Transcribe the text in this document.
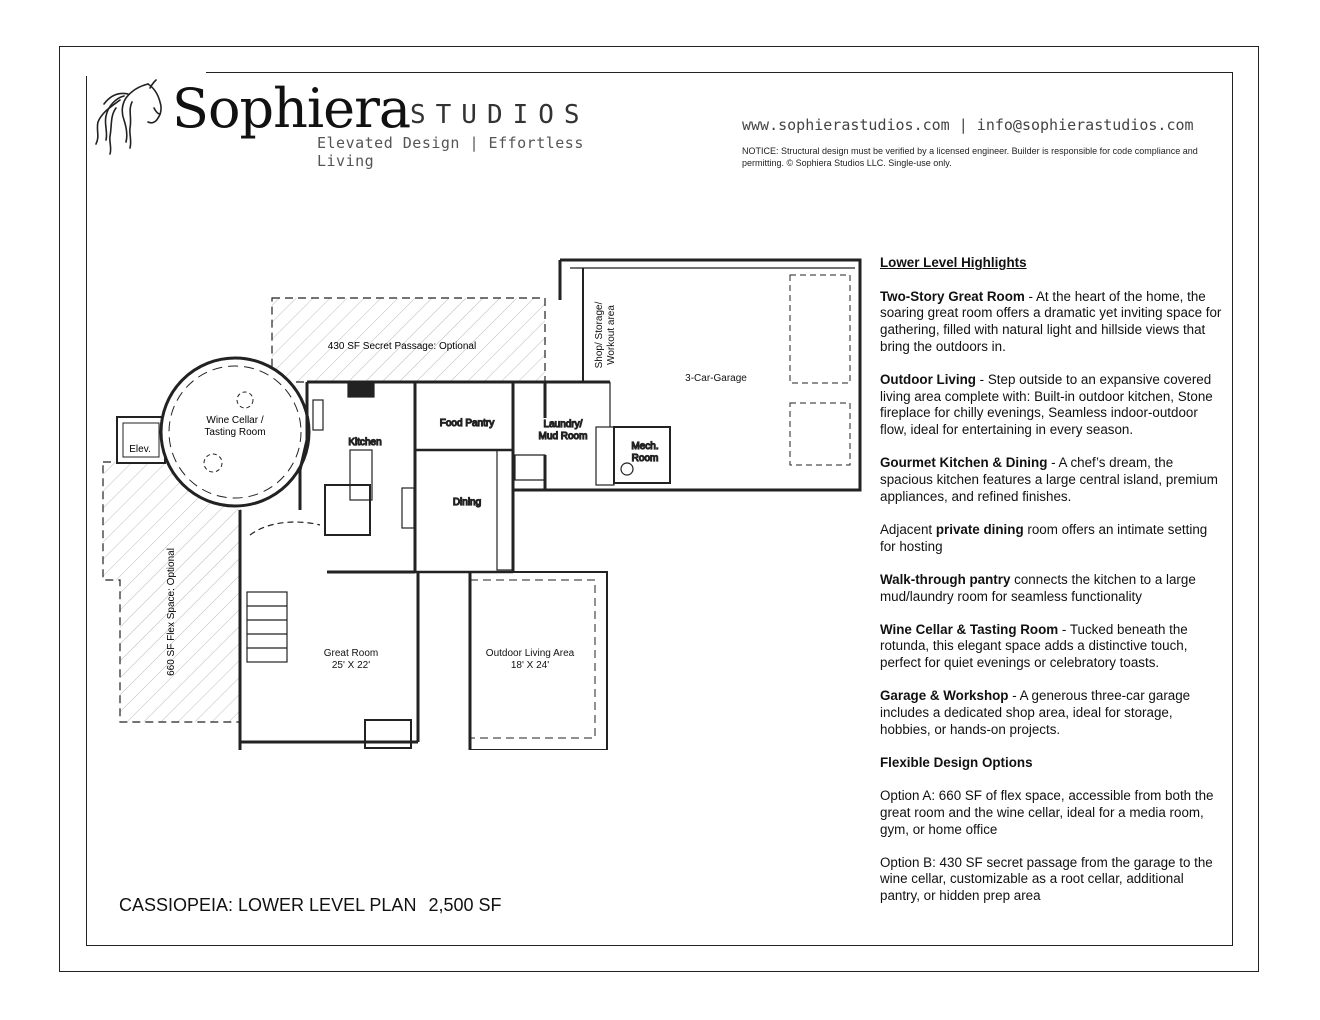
Sophiera STUDIOS
Elevated Design | Effortless Living
www.sophierastudios.com | info@sophierastudios.com
NOTICE: Structural design must be verified by a licensed engineer. Builder is responsible for code compliance and permitting. © Sophiera Studios LLC. Single-use only.
430 SF Secret Passage: Optional
660 SF Flex Space: Optional
Elev.
Wine Cellar /
Tasting Room
Kitchen
Food Pantry
Dining
Laundry/
Mud Room
Mech.
Room
Shop/ Storage/ Workout area
3-Car-Garage
Great Room
25' X 22'
Outdoor Living Area
18' X 24'
CASSIOPEIA: LOWER LEVEL PLAN 2,500 SF

Lower Level Highlights

Two-Story Great Room - At the heart of the home, the soaring great room offers a dramatic yet inviting space for gathering, filled with natural light and hillside views that bring the outdoors in.

Outdoor Living - Step outside to an expansive covered living area complete with: Built-in outdoor kitchen, Stone fireplace for chilly evenings, Seamless indoor-outdoor flow, ideal for entertaining in every season.

Gourmet Kitchen & Dining - A chef’s dream, the spacious kitchen features a large central island, premium appliances, and refined finishes.

Adjacent private dining room offers an intimate setting for hosting

Walk-through pantry connects the kitchen to a large mud/laundry room for seamless functionality

Wine Cellar & Tasting Room - Tucked beneath the rotunda, this elegant space adds a distinctive touch, perfect for quiet evenings or celebratory toasts.

Garage & Workshop - A generous three-car garage includes a dedicated shop area, ideal for storage, hobbies, or hands-on projects.

Flexible Design Options

Option A: 660 SF of flex space, accessible from both the great room and the wine cellar, ideal for a media room, gym, or home office

Option B: 430 SF secret passage from the garage to the wine cellar, customizable as a root cellar, additional pantry, or hidden prep area
